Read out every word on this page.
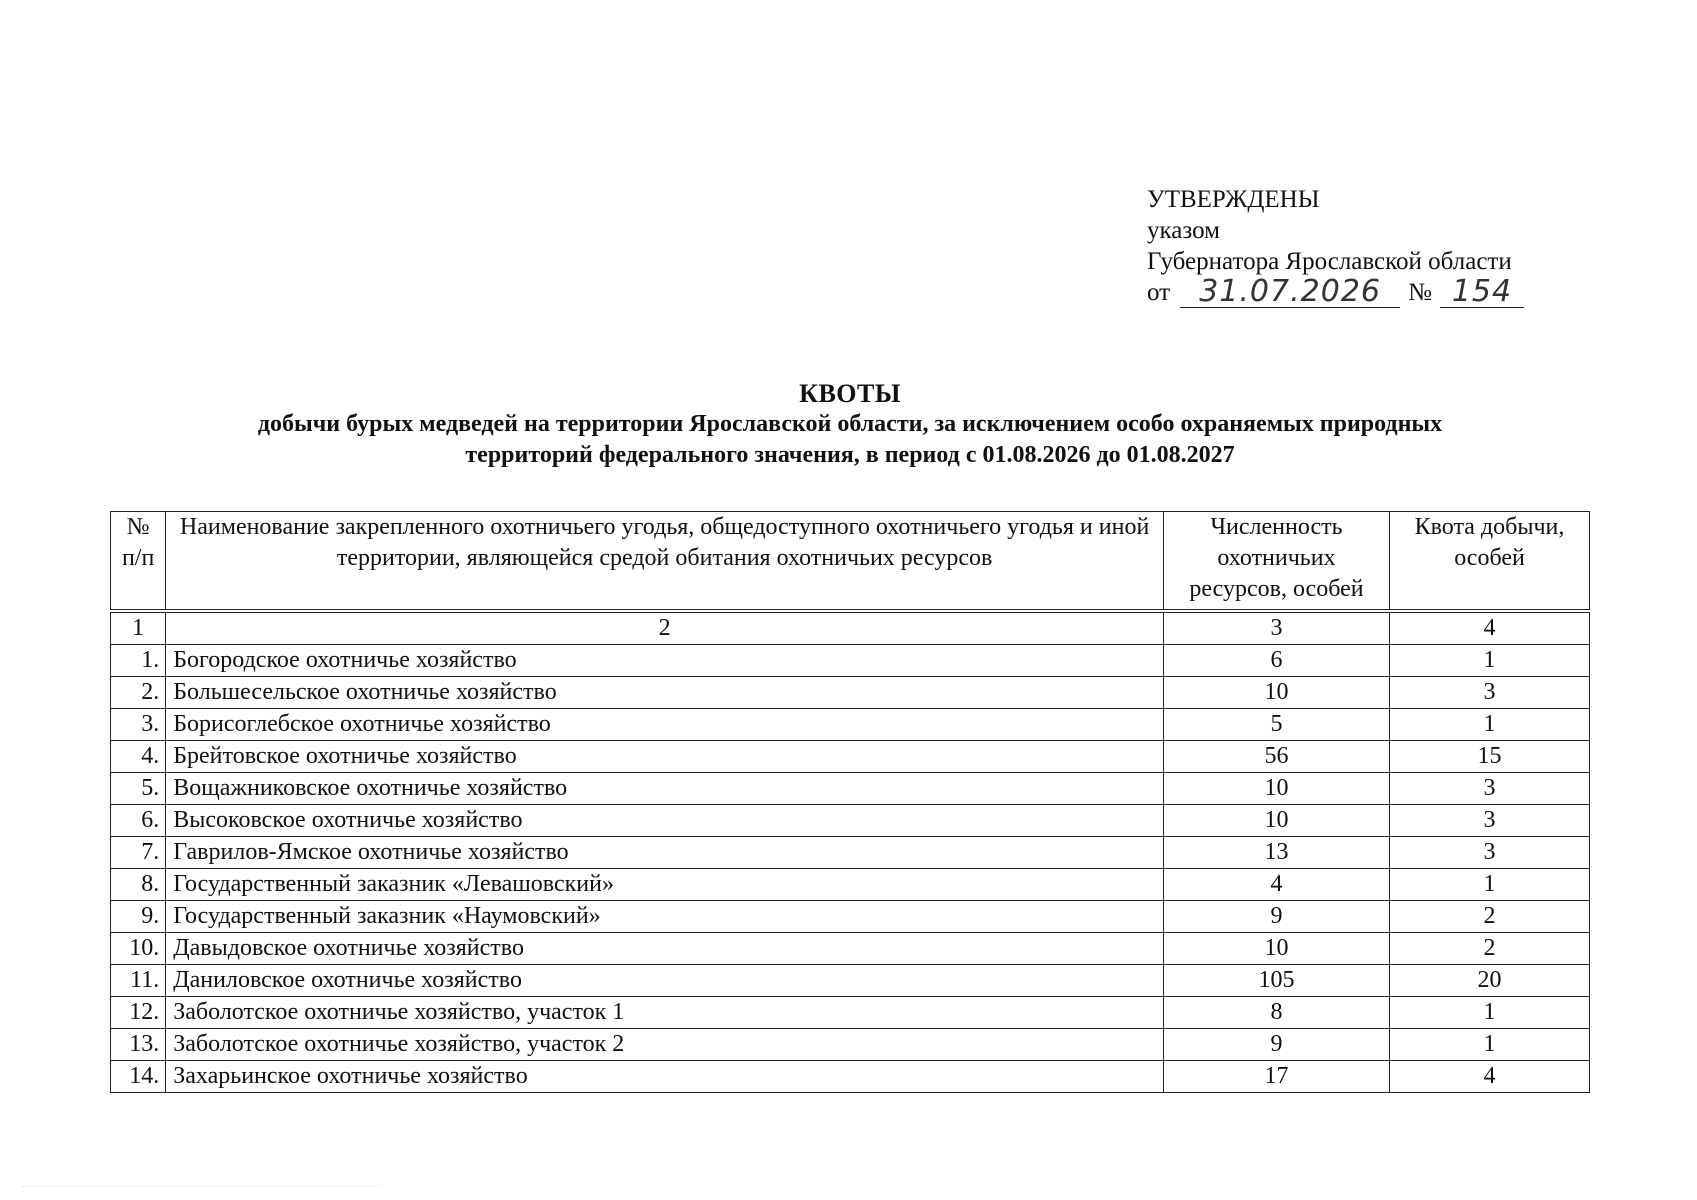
УТВЕРЖДЕНЫ
указом
Губернатора Ярославской области
от 31.07.2026	№ 154
КВОТЫ
добычи бурых медведей на территории Ярославской области, за исключением особо охраняемых природных
территорий федерального значения, в период с 01.08.2026 до 01.08.2027
№ п/п	Наименование закрепленного охотничьего угодья, общедоступного охотничьего угодья и иной территории, являющейся средой обитания охотничьих ресурсов	Численность охотничьих ресурсов, особей	Квота добычи, особей
1	2	3	4
1.	Богородское охотничье хозяйство	6	1
2.	Большесельское охотничье хозяйство	10	3
3.	Борисоглебское охотничье хозяйство	5	1
4.	Брейтовское охотничье хозяйство	56	15
5.	Вощажниковское охотничье хозяйство	10	3
6.	Высоковское охотничье хозяйство	10	3
7.	Гаврилов-Ямское охотничье хозяйство	13	3
8.	Государственный заказник «Левашовский»	4	1
9.	Государственный заказник «Наумовский»	9	2
10.	Давыдовское охотничье хозяйство	10	2
11.	Даниловское охотничье хозяйство	105	20
12.	Заболотское охотничье хозяйство, участок 1	8	1
13.	Заболотское охотничье хозяйство, участок 2	9	1
14.	Захарьинское охотничье хозяйство	17	4
